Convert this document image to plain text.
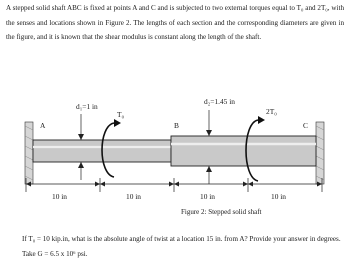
A stepped solid shaft ABC is fixed at points A and C and is subjected to two external torques equal to T₀ and 2T₀, with the senses and locations shown in Figure 2. The lengths of each section and the corresponding diameters are given in the figure, and it is known that the shear modulus is constant along the length of the shaft.
A	B	C
d₁=1 in
d₂=1.45 in
T₀	2T₀
10 in	10 in	10 in	10 in
Figure 2: Stepped solid shaft
If T₀ = 10 kip.in, what is the absolute angle of twist at a location 15 in. from A? Provide your answer in degrees. Take G = 6.5 x 10⁶ psi.
